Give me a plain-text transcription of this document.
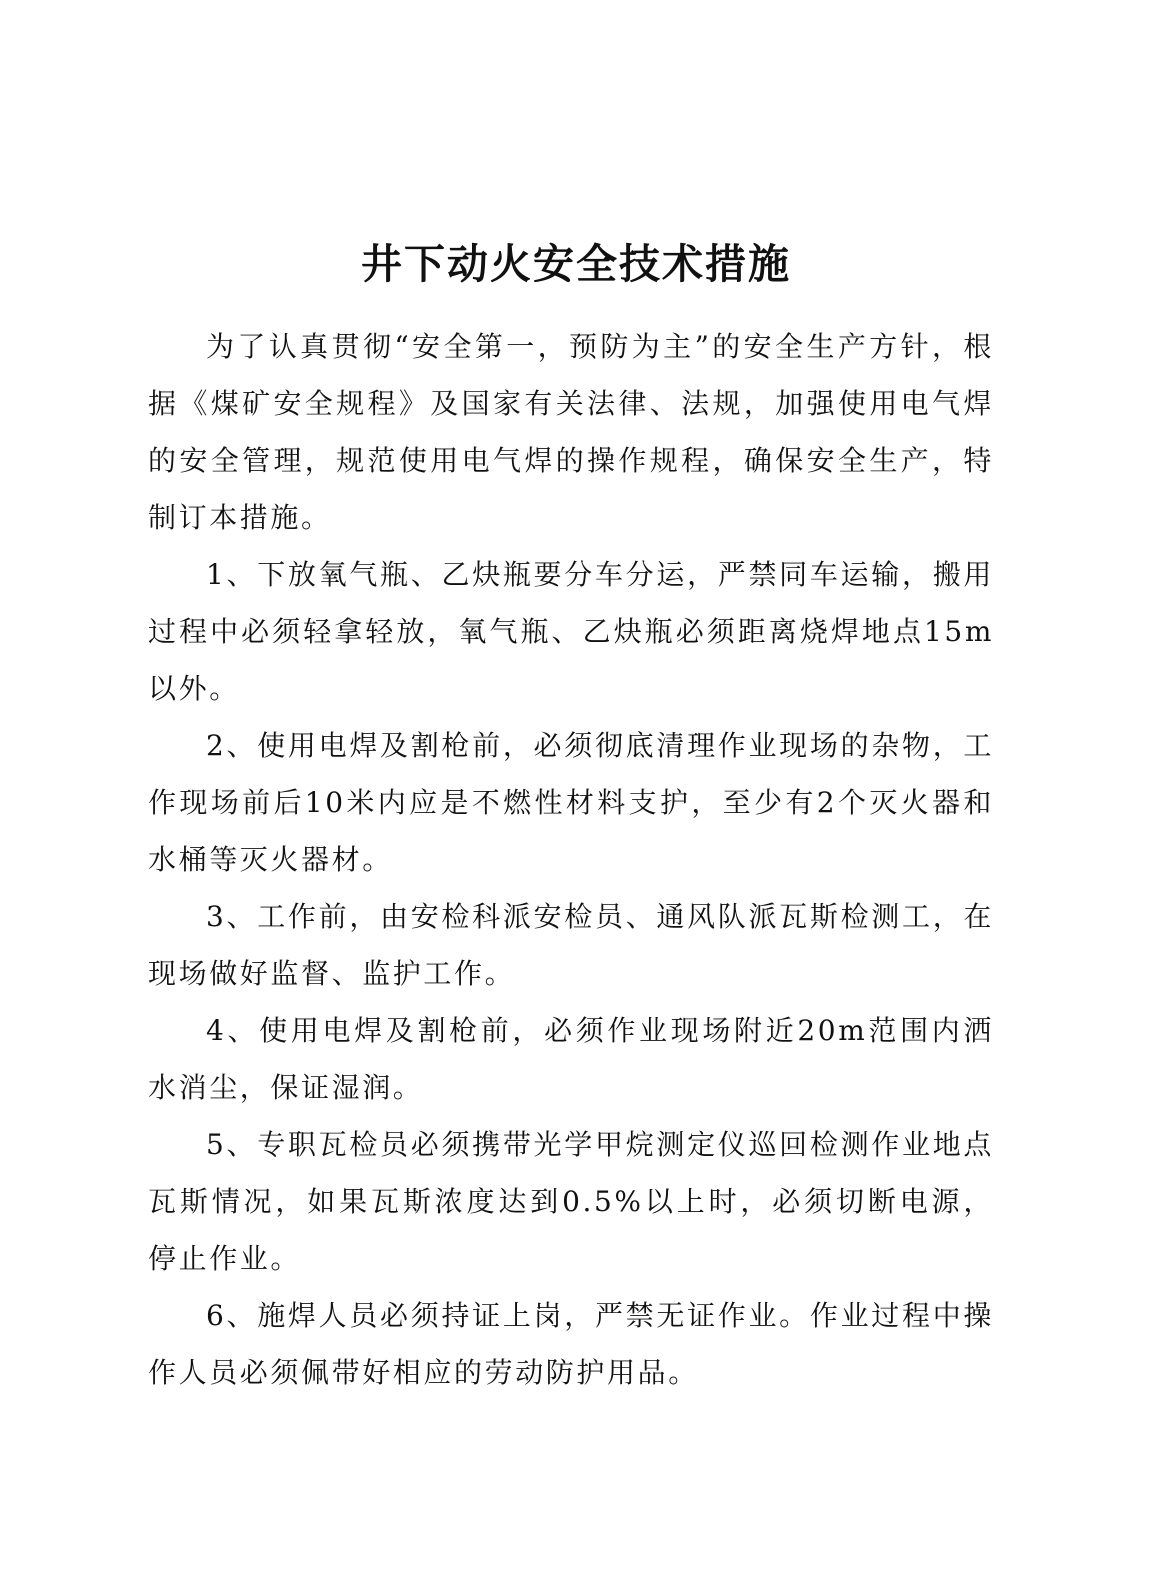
井下动火安全技术措施

为了认真贯彻“安全第一，预防为主”的安全生产方针，根据《煤矿安全规程》及国家有关法律、法规，加强使用电气焊的安全管理，规范使用电气焊的操作规程，确保安全生产，特制订本措施。

1、下放氧气瓶、乙炔瓶要分车分运，严禁同车运输，搬用过程中必须轻拿轻放，氧气瓶、乙炔瓶必须距离烧焊地点15m以外。

2、使用电焊及割枪前，必须彻底清理作业现场的杂物，工作现场前后10米内应是不燃性材料支护，至少有2个灭火器和水桶等灭火器材。

3、工作前，由安检科派安检员、通风队派瓦斯检测工，在现场做好监督、监护工作。

4、使用电焊及割枪前，必须作业现场附近20m范围内洒水消尘，保证湿润。

5、专职瓦检员必须携带光学甲烷测定仪巡回检测作业地点瓦斯情况，如果瓦斯浓度达到0.5%以上时，必须切断电源，停止作业。

6、施焊人员必须持证上岗，严禁无证作业。作业过程中操作人员必须佩带好相应的劳动防护用品。
